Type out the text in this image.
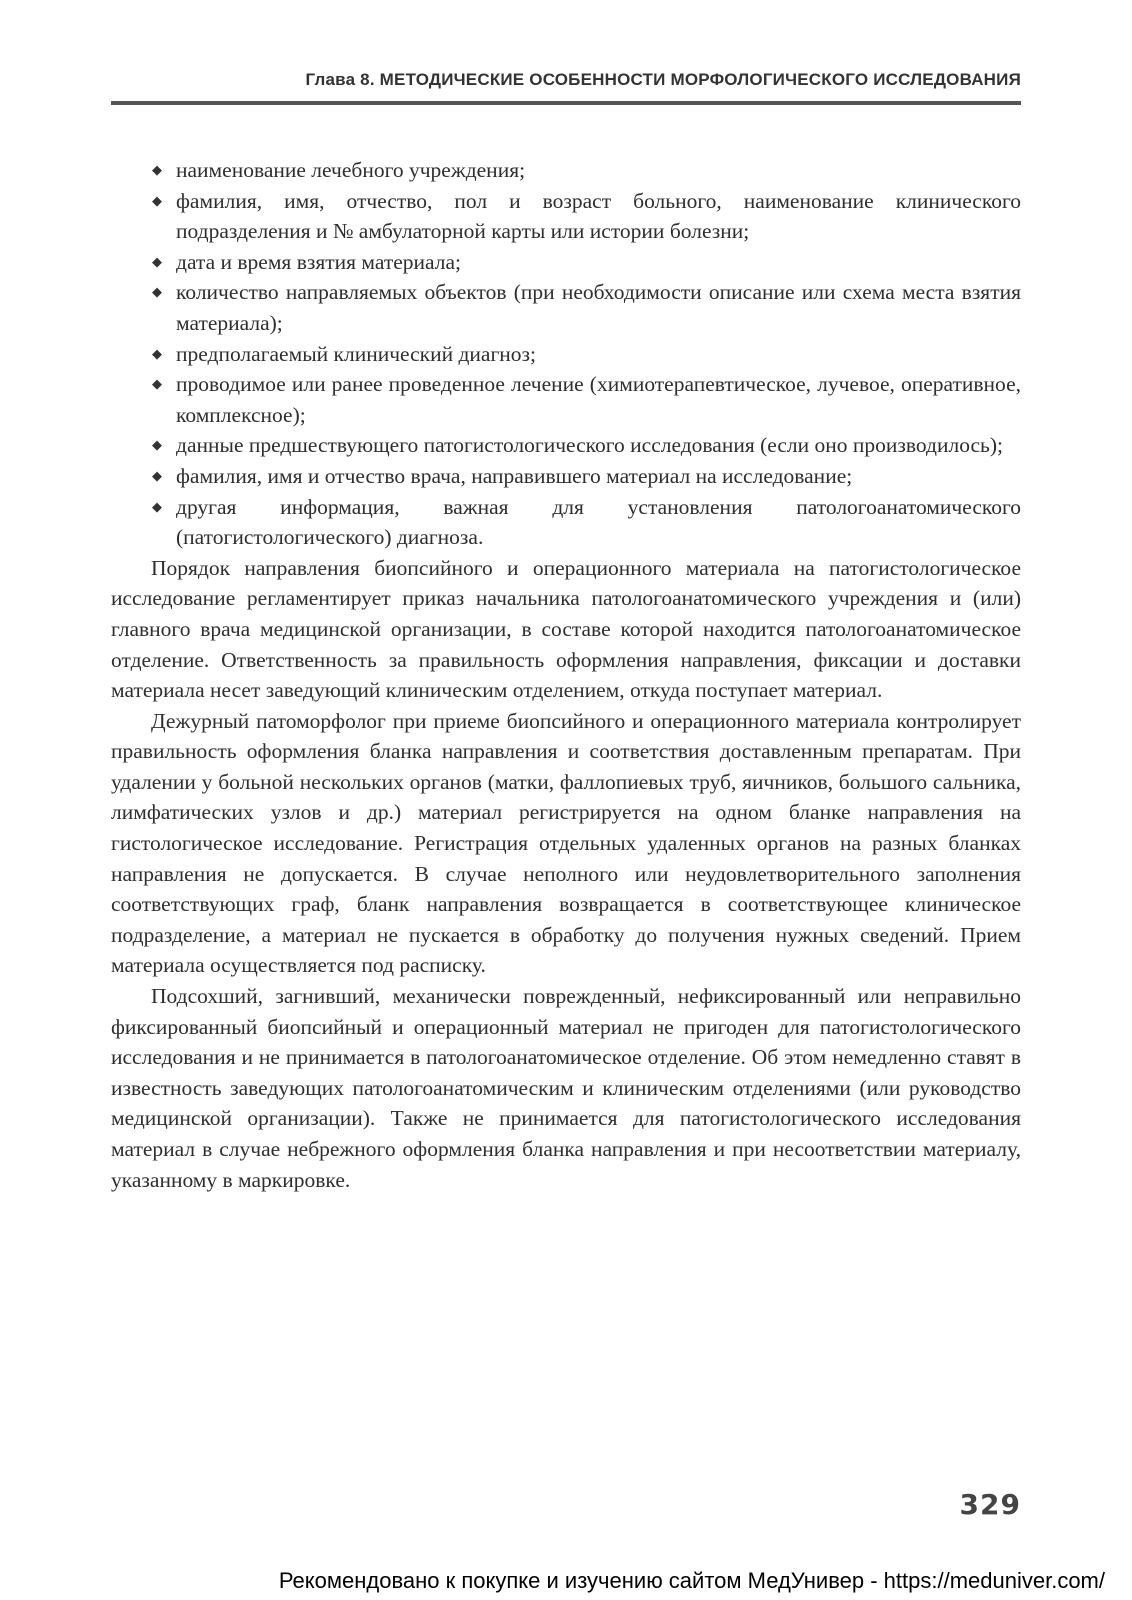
Глава 8. МЕТОДИЧЕСКИЕ ОСОБЕННОСТИ МОРФОЛОГИЧЕСКОГО ИССЛЕДОВАНИЯ
◆ наименование лечебного учреждения;
◆ фамилия, имя, отчество, пол и возраст больного, наименование клинического подразделения и № амбулаторной карты или истории болезни;
◆ дата и время взятия материала;
◆ количество направляемых объектов (при необходимости описание или схема места взятия материала);
◆ предполагаемый клинический диагноз;
◆ проводимое или ранее проведенное лечение (химиотерапевтическое, лучевое, оперативное, комплексное);
◆ данные предшествующего патогистологического исследования (если оно производилось);
◆ фамилия, имя и отчество врача, направившего материал на исследование;
◆ другая информация, важная для установления патологоанатомического (патогистологического) диагноза.

Порядок направления биопсийного и операционного материала на патогистологическое исследование регламентирует приказ начальника патологоанатомического учреждения и (или) главного врача медицинской организации, в составе которой находится патологоанатомическое отделение. Ответственность за правильность оформления направления, фиксации и доставки материала несет заведующий клиническим отделением, откуда поступает материал.

Дежурный патоморфолог при приеме биопсийного и операционного материала контролирует правильность оформления бланка направления и соответствия доставленным препаратам. При удалении у больной нескольких органов (матки, фаллопиевых труб, яичников, большого сальника, лимфатических узлов и др.) материал регистрируется на одном бланке направления на гистологическое исследование. Регистрация отдельных удаленных органов на разных бланках направления не допускается. В случае неполного или неудовлетворительного заполнения соответствующих граф, бланк направления возвращается в соответствующее клиническое подразделение, а материал не пускается в обработку до получения нужных сведений. Прием материала осуществляется под расписку.

Подсохший, загнивший, механически поврежденный, нефиксированный или неправильно фиксированный биопсийный и операционный материал не пригоден для патогистологического исследования и не принимается в патологоанатомическое отделение. Об этом немедленно ставят в известность заведующих патологоанатомическим и клиническим отделениями (или руководство медицинской организации). Также не принимается для патогистологического исследования материал в случае небрежного оформления бланка направления и при несоответствии материалу, указанному в маркировке.

329
Рекомендовано к покупке и изучению сайтом МедУнивер - https://meduniver.com/
